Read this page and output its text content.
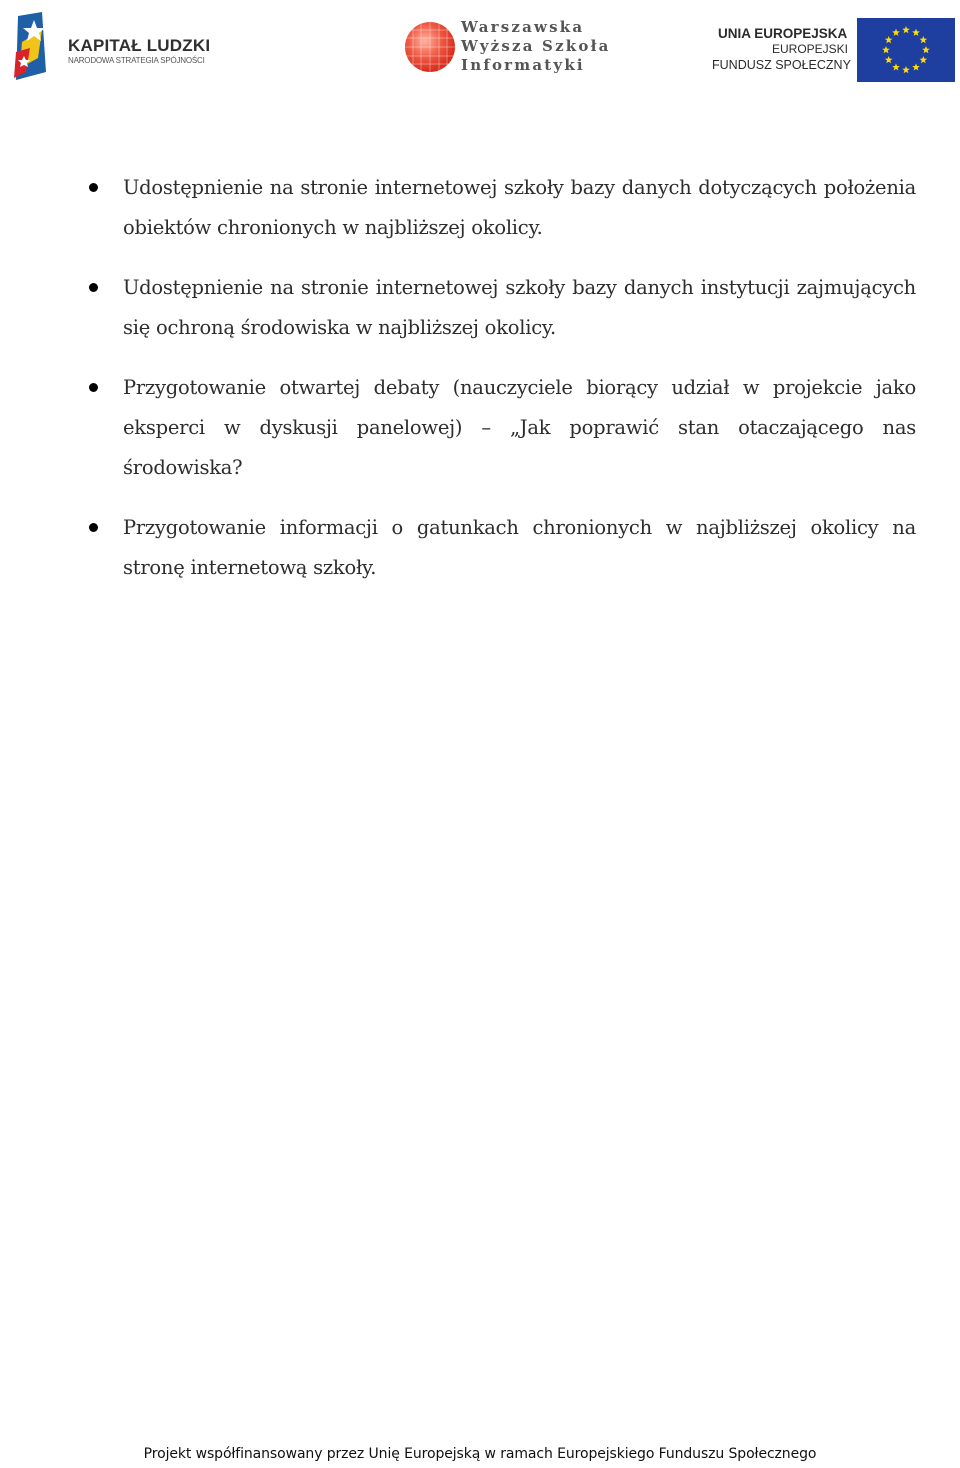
KAPITAŁ LUDZKI
NARODOWA STRATEGIA SPÓJNOŚCI
Warszawska
Wyższa Szkoła
Informatyki
UNIA EUROPEJSKA
EUROPEJSKI
FUNDUSZ SPOŁECZNY
Udostępnienie na stronie internetowej szkoły bazy danych dotyczących położenia obiektów chronionych w najbliższej okolicy.
Udostępnienie na stronie internetowej szkoły bazy danych instytucji zajmujących się ochroną środowiska w najbliższej okolicy.
Przygotowanie otwartej debaty (nauczyciele biorący udział w projekcie jako eksperci w dyskusji panelowej) – „Jak poprawić stan otaczającego nas środowiska?
Przygotowanie informacji o gatunkach chronionych w najbliższej okolicy na stronę internetową szkoły.
Projekt współfinansowany przez Unię Europejską w ramach Europejskiego Funduszu Społecznego
